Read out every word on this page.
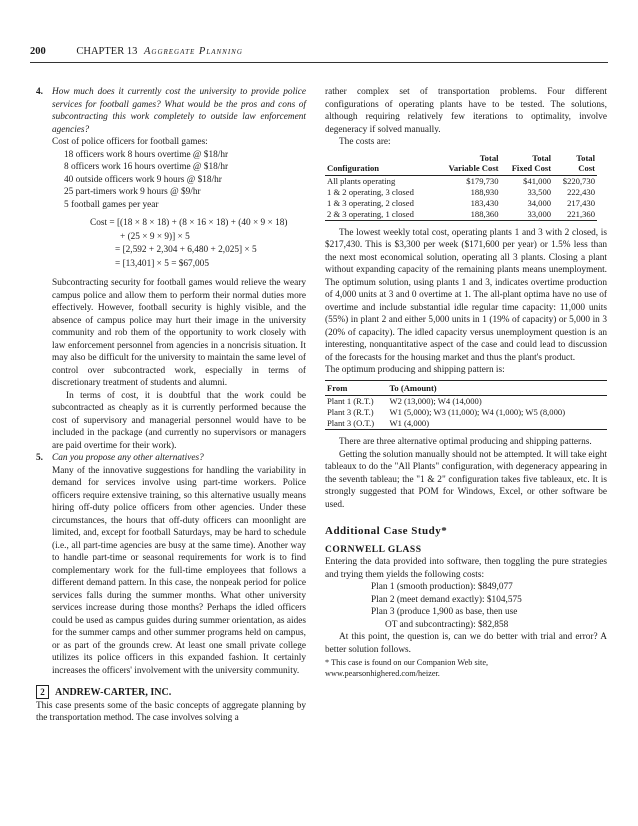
200	CHAPTER 13 Aggregate Planning

4. How much does it currently cost the university to provide police services for football games? What would be the pros and cons of subcontracting this work completely to outside law enforcement agencies?

Cost of police officers for football games:
18 officers work 8 hours overtime @ $18/hr
8 officers work 16 hours overtime @ $18/hr
40 outside officers work 9 hours @ $18/hr
25 part-timers work 9 hours @ $9/hr
5 football games per year
Cost = [(18 × 8 × 18) + (8 × 16 × 18) + (40 × 9 × 18)
+ (25 × 9 × 9)] × 5
= [2,592 + 2,304 + 6,480 + 2,025] × 5
= [13,401] × 5 = $67,005

Subcontracting security for football games would relieve the weary campus police and allow them to perform their normal duties more effectively. However, football security is highly visible, and the absence of campus police may hurt their image in the university community and rob them of the opportunity to work closely with law enforcement personnel from agencies in a noncrisis situation. It may also be difficult for the university to maintain the same level of control over subcontracted work, especially in terms of discretionary treatment of students and alumni.

In terms of cost, it is doubtful that the work could be subcontracted as cheaply as it is currently performed because the cost of supervisory and managerial personnel would have to be included in the package (and currently no supervisors or managers are paid overtime for their work).

5. Can you propose any other alternatives?

Many of the innovative suggestions for handling the variability in demand for services involve using part-time workers. Police officers require extensive training, so this alternative usually means hiring off-duty police officers from other agencies. Under these circumstances, the hours that off-duty officers can moonlight are limited, and, except for football Saturdays, may be hard to schedule (i.e., all part-time agencies are busy at the same time). Another way to handle part-time or seasonal requirements for work is to find complementary work for the full-time employees that follows a different demand pattern. In this case, the nonpeak period for police services falls during the summer months. What other university services increase during those months? Perhaps the idled officers could be used as campus guides during summer orientation, as aides for the summer camps and other summer programs held on campus, or as part of the grounds crew. At least one small private college utilizes its police officers in this expanded fashion. It certainly increases the officers' involvement with the university community.

2 ANDREW-CARTER, INC.

This case presents some of the basic concepts of aggregate planning by the transportation method. The case involves solving a

rather complex set of transportation problems. Four different configurations of operating plants have to be tested. The solutions, although requiring relatively few iterations to optimality, involve degeneracy if solved manually.

The costs are:

	Total	Total	Total
Configuration	Variable Cost	Fixed Cost	Cost
All plants operating	$179,730	$41,000	$220,730
1 & 2 operating, 3 closed	188,930	33,500	222,430
1 & 3 operating, 2 closed	183,430	34,000	217,430
2 & 3 operating, 1 closed	188,360	33,000	221,360

The lowest weekly total cost, operating plants 1 and 3 with 2 closed, is $217,430. This is $3,300 per week ($171,600 per year) or 1.5% less than the next most economical solution, operating all 3 plants. Closing a plant without expanding capacity of the remaining plants means unemployment. The optimum solution, using plants 1 and 3, indicates overtime production of 4,000 units at 3 and 0 overtime at 1. The all-plant optima have no use of overtime and include substantial idle regular time capacity: 11,000 units (55%) in plant 2 and either 5,000 units in 1 (19% of capacity) or 5,000 in 3 (20% of capacity). The idled capacity versus unemployment question is an interesting, nonquantitative aspect of the case and could lead to discussion of the forecasts for the housing market and thus the plant's product.

The optimum producing and shipping pattern is:

From	To (Amount)
Plant 1 (R.T.)	W2 (13,000); W4 (14,000)
Plant 3 (R.T.)	W1 (5,000); W3 (11,000); W4 (1,000); W5 (8,000)
Plant 3 (O.T.)	W1 (4,000)

There are three alternative optimal producing and shipping patterns.

Getting the solution manually should not be attempted. It will take eight tableaux to do the "All Plants" configuration, with degeneracy appearing in the seventh tableau; the "1 & 2" configuration takes five tableaux, etc. It is strongly suggested that POM for Windows, Excel, or other software be used.

Additional Case Study*
CORNWELL GLASS

Entering the data provided into software, then toggling the pure strategies and trying them yields the following costs:

Plan 1 (smooth production): $849,077
Plan 2 (meet demand exactly): $104,575
Plan 3 (produce 1,900 as base, then use
OT and subcontracting): $82,858

At this point, the question is, can we do better with trial and error? A better solution follows.

* This case is found on our Companion Web site,
www.pearsonhighered.com/heizer.
